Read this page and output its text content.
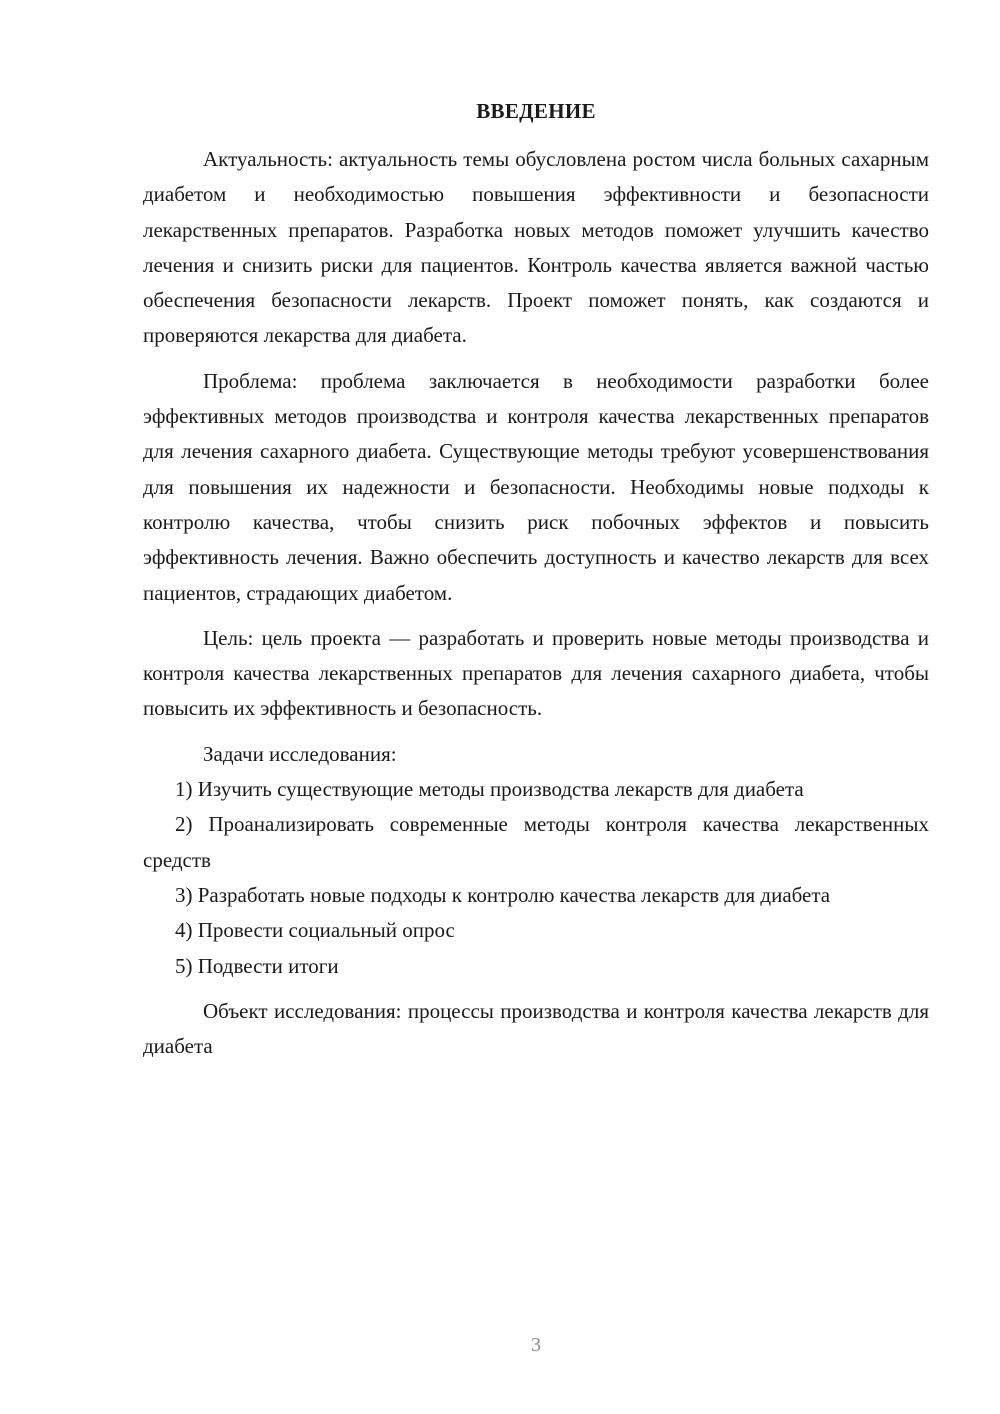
ВВЕДЕНИЕ

Актуальность: актуальность темы обусловлена ростом числа больных сахарным диабетом и необходимостью повышения эффективности и безопасности лекарственных препаратов. Разработка новых методов поможет улучшить качество лечения и снизить риски для пациентов. Контроль качества является важной частью обеспечения безопасности лекарств. Проект поможет понять, как создаются и проверяются лекарства для диабета.

Проблема: проблема заключается в необходимости разработки более эффективных методов производства и контроля качества лекарственных препаратов для лечения сахарного диабета. Существующие методы требуют усовершенствования для повышения их надежности и безопасности. Необходимы новые подходы к контролю качества, чтобы снизить риск побочных эффектов и повысить эффективность лечения. Важно обеспечить доступность и качество лекарств для всех пациентов, страдающих диабетом.

Цель: цель проекта — разработать и проверить новые методы производства и контроля качества лекарственных препаратов для лечения сахарного диабета, чтобы повысить их эффективность и безопасность.

Задачи исследования:

1) Изучить существующие методы производства лекарств для диабета

2) Проанализировать современные методы контроля качества лекарственных средств

3) Разработать новые подходы к контролю качества лекарств для диабета

4) Провести социальный опрос

5) Подвести итоги

Объект исследования: процессы производства и контроля качества лекарств для диабета

3
